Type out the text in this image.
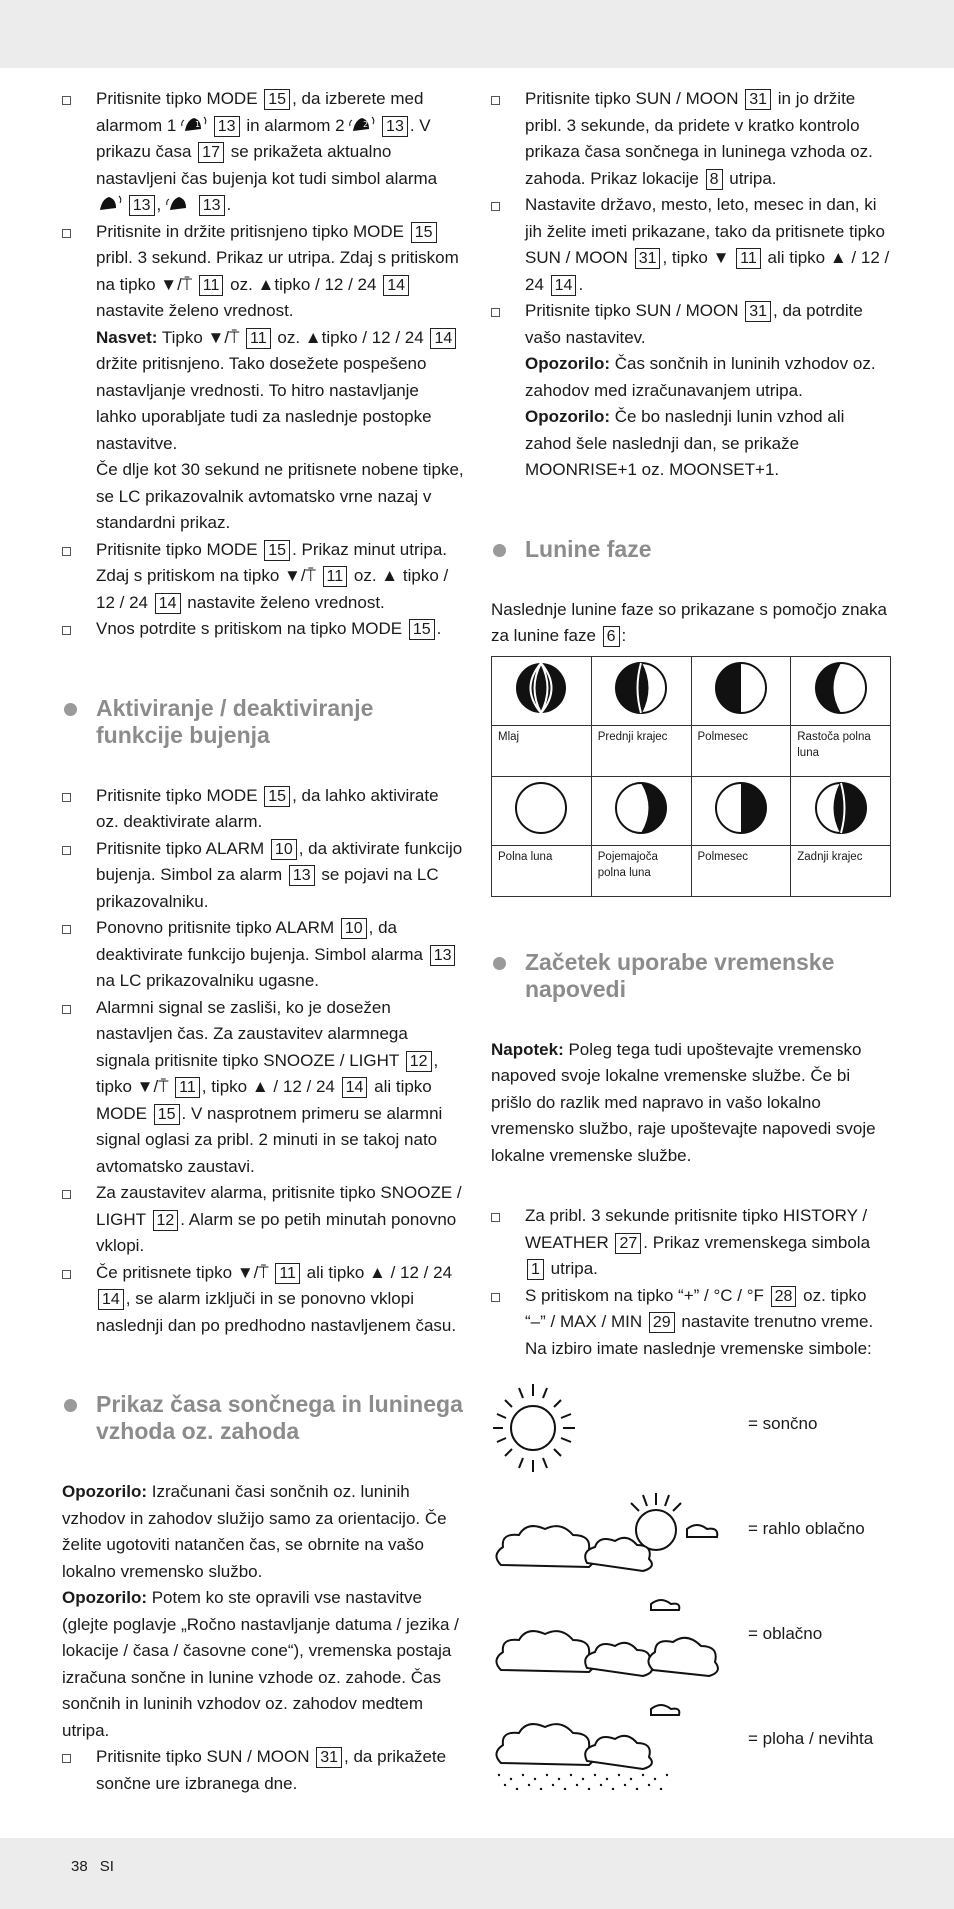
Pritisnite tipko MODE 15 , da izberete med alarmom 1 1 13 in alarmom 2 2 13 . V prikazu časa 17 se prikažeta aktualno nastavljeni čas bujenja kot tudi simbol alarma  13 ,	13 .

Pritisnite in držite pritisnjeno tipko MODE 15 pribl. 3 sekund. Prikaz ur utripa. Zdaj s pritiskom na tipko ▼/⍑ 11 oz. ▲tipko / 12 / 24 14 nastavite želeno vrednost.

Nasvet: Tipko ▼/⍑ 11 oz. ▲tipko / 12 / 24 14 držite pritisnjeno. Tako dosežete pospešeno nastavljanje vrednosti. To hitro nastavljanje lahko uporabljate tudi za naslednje postopke nastavitve.

Če dlje kot 30 sekund ne pritisnete nobene tipke, se LC prikazovalnik avtomatsko vrne nazaj v standardni prikaz.

Pritisnite tipko MODE 15 . Prikaz minut utripa. Zdaj s pritiskom na tipko ▼/⍑ 11 oz. ▲ tipko / 12 / 24 14 nastavite želeno vrednost.

Vnos potrdite s pritiskom na tipko MODE 15 .

Aktiviranje / deaktiviranje funkcije bujenja

Pritisnite tipko MODE 15 , da lahko aktivirate oz. deaktivirate alarm.

Pritisnite tipko ALARM 10 , da aktivirate funkcijo bujenja. Simbol za alarm 13 se pojavi na LC prikazovalniku.

Ponovno pritisnite tipko ALARM 10 , da deaktivirate funkcijo bujenja. Simbol alarma 13 na LC prikazovalniku ugasne.

Alarmni signal se zasliši, ko je dosežen nastavljen čas. Za zaustavitev alarmnega signala pritisnite tipko SNOOZE / LIGHT 12 , tipko ▼/⍑ 11 , tipko ▲ / 12 / 24 14 ali tipko MODE 15 . V nasprotnem primeru se alarmni signal oglasi za pribl. 2 minuti in se takoj nato avtomatsko zaustavi.

Za zaustavitev alarma, pritisnite tipko SNOOZE / LIGHT 12 . Alarm se po petih minutah ponovno vklopi.

Če pritisnete tipko ▼/⍑ 11 ali tipko ▲ / 12 / 24 14 , se alarm izklјuči in se ponovno vklopi naslednji dan po predhodno nastavljenem času.

Prikaz časa sončnega in luninega vzhoda oz. zahoda

Opozorilo: Izračunani časi sončnih oz. luninih vzhodov in zahodov služijo samo za orientacijo. Če želite ugotoviti natančen čas, se obrnite na vašo lokalno vremensko službo.

Opozorilo: Potem ko ste opravili vse nastavitve (glejte poglavje „Ročno nastavljanje datuma / jezika / lokacije / časa / časovne cone“), vremenska postaja izračuna sončne in lunine vzhode oz. zahode. Čas sončnih in luninih vzhodov oz. zahodov medtem utripa.

Pritisnite tipko SUN / MOON 31 , da prikažete sončne ure izbranega dne.

Pritisnite tipko SUN / MOON 31 in jo držite pribl. 3 sekunde, da pridete v kratko kontrolo prikaza časa sončnega in luninega vzhoda oz. zahoda. Prikaz lokacije 8 utripa.

Nastavite državo, mesto, leto, mesec in dan, ki jih želite imeti prikazane, tako da pritisnete tipko SUN / MOON 31 , tipko ▼ 11 ali tipko ▲ / 12 / 24 14 .

Pritisnite tipko SUN / MOON 31 , da potrdite vašo nastavitev.

Opozorilo: Čas sončnih in luninih vzhodov oz. zahodov med izračunavanjem utripa.

Opozorilo: Če bo naslednji lunin vzhod ali zahod šele naslednji dan, se prikaže MOONRISE+1 oz. MOONSET+1.

Lunine faze

Naslednje lunine faze so prikazane s pomočjo znaka za lunine faze 6 :

Mlaj	Prednji krajec	Polmesec	Rastoča polna luna

Polna luna	Pojemajoča polna luna	Polmesec	Zadnji krajec
Začetek uporabe vremenske napovedi

Napotek: Poleg tega tudi upoštevajte vremensko napoved svoje lokalne vremenske službe. Če bi prišlo do razlik med napravo in vašo lokalno vremensko službo, raje upoštevajte napovedi svoje lokalne vremenske službe.

Za pribl. 3 sekunde pritisnite tipko HISTORY / WEATHER 27 . Prikaz vremenskega simbola 1 utripa.

S pritiskom na tipko “+” / °C / °F 28 oz. tipko “–” / MAX / MIN 29 nastavite trenutno vreme.

Na izbiro imate naslednje vremenske simbole:

= sončno
= rahlo oblačno
= oblačno
= ploha / nevihta
38 SI
